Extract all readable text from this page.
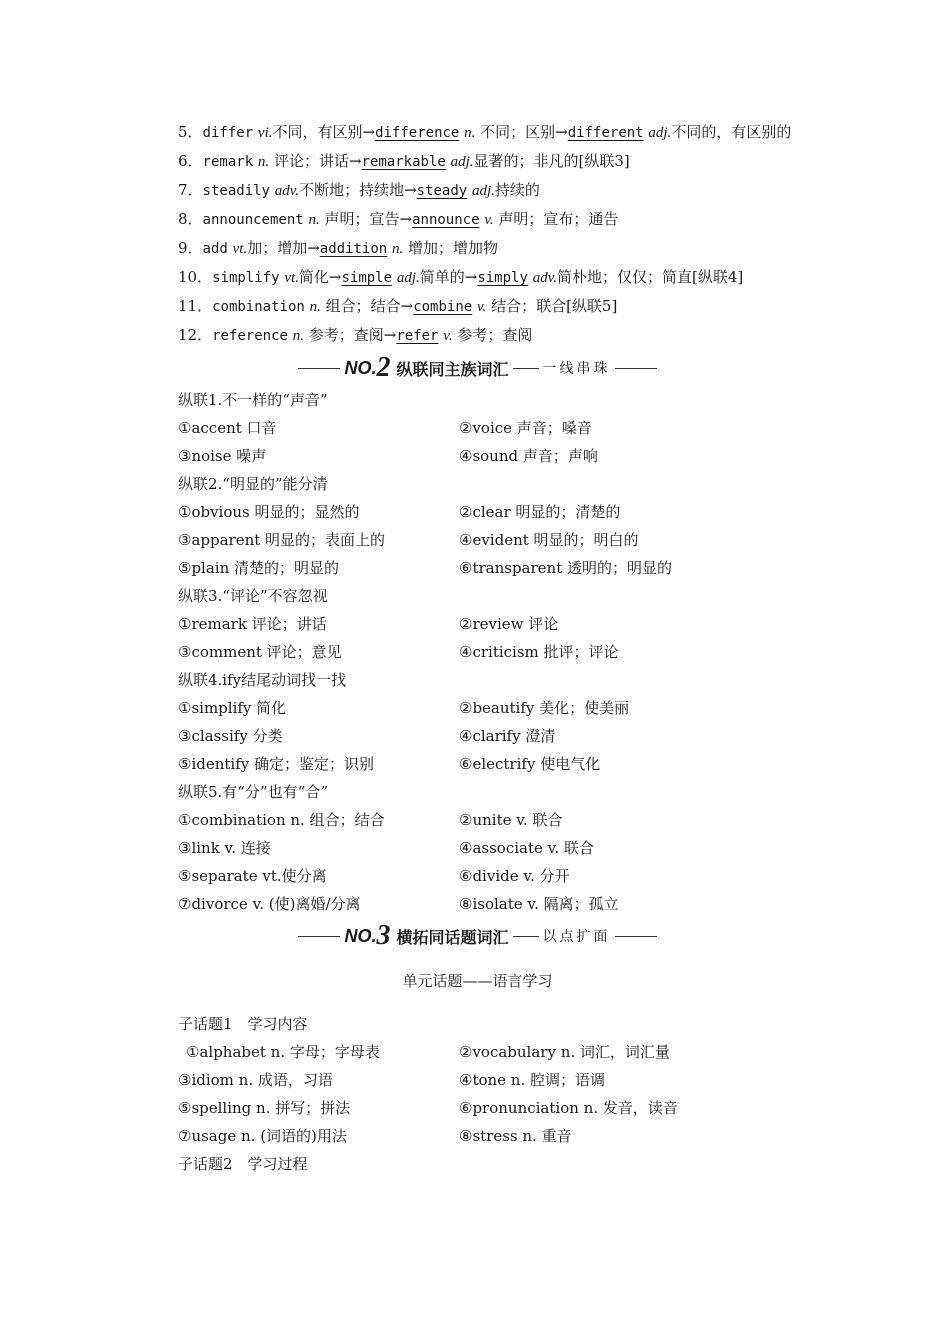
5．differ vi.不同，有区别→difference n. 不同；区别→different adj.不同的，有区别的

6．remark n. 评论；讲话→remarkable adj.显著的；非凡的[纵联3]

7．steadily adv.不断地；持续地→steady adj.持续的

8．announcement n. 声明；宣告→announce v. 声明；宣布；通告

9．add vt.加；增加→addition n. 增加；增加物

10．simplify vt.简化→simple adj.简单的→simply adv.简朴地；仅仅；简直[纵联4]

11．combination n. 组合；结合→combine v. 结合；联合[纵联5]

12．reference n. 参考；查阅→refer v. 参考；查阅

NO. 2 纵联同主族词汇 一线串珠

纵联1.不一样的“声音”

①accent 口音	②voice 声音；嗓音
③noise 噪声	④sound 声音；声响

纵联2.“明显的”能分清

①obvious 明显的；显然的	②clear 明显的；清楚的
③apparent 明显的；表面上的	④evident 明显的；明白的
⑤plain 清楚的；明显的	⑥transparent 透明的；明显的

纵联3.“评论”不容忽视

①remark 评论；讲话	②review 评论
③comment 评论；意见	④criticism 批评；评论

纵联4.ify结尾动词找一找

①simplify 简化	②beautify 美化；使美丽
③classify 分类	④clarify 澄清
⑤identify 确定；鉴定；识别	⑥electrify 使电气化

纵联5.有“分”也有“合”

①combination n. 组合；结合	②unite v. 联合
③link v. 连接	④associate v. 联合
⑤separate vt.使分离	⑥divide v. 分开
⑦divorce v. (使)离婚/分离	⑧isolate v. 隔离；孤立
NO. 3 横拓同话题词汇 以点扩面

单元话题——语言学习

子话题1　学习内容

①alphabet n. 字母；字母表	②vocabulary n. 词汇，词汇量
③idiom n. 成语，习语	④tone n. 腔调；语调
⑤spelling n. 拼写；拼法	⑥pronunciation n. 发音，读音
⑦usage n. (词语的)用法	⑧stress n. 重音

子话题2　学习过程
